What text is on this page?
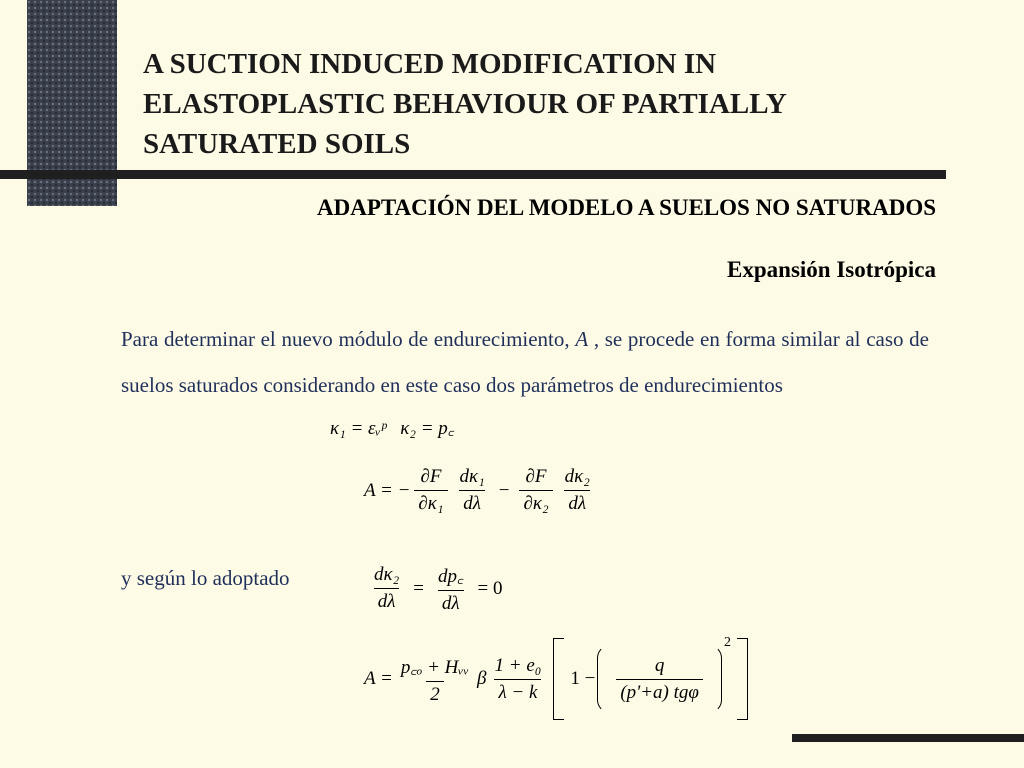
A SUCTION INDUCED MODIFICATION IN ELASTOPLASTIC BEHAVIOUR OF PARTIALLY SATURATED SOILS
ADAPTACIÓN DEL MODELO A SUELOS NO SATURADOS
Expansión Isotrópica
Para determinar el nuevo módulo de endurecimiento, A , se procede en forma similar al caso de suelos saturados considerando en este caso dos parámetros de endurecimientos
κ₁ = εᵥᵖ κ₂ = p꜀
A = − $\frac{\partial F}{\text{∂κ₁}} \frac{\text{dκ₁}}{d\lambda} - \frac{\partial F}{\text{∂κ₂}} \frac{\text{dκ₂}}{d\lambda}$
y según lo adoptado	$\frac{\text{dκ₂}}{d\lambda} = \frac{dp꜀}{d\lambda} = 0$
$A = \frac{\text{p꜀ₒ + Hᵥᵥ}}{2}$ β $\frac{\text{1 + e₀}}{\lambda - k} 1 - \frac{q}{\text{(p'+a) tgφ}}$
2
